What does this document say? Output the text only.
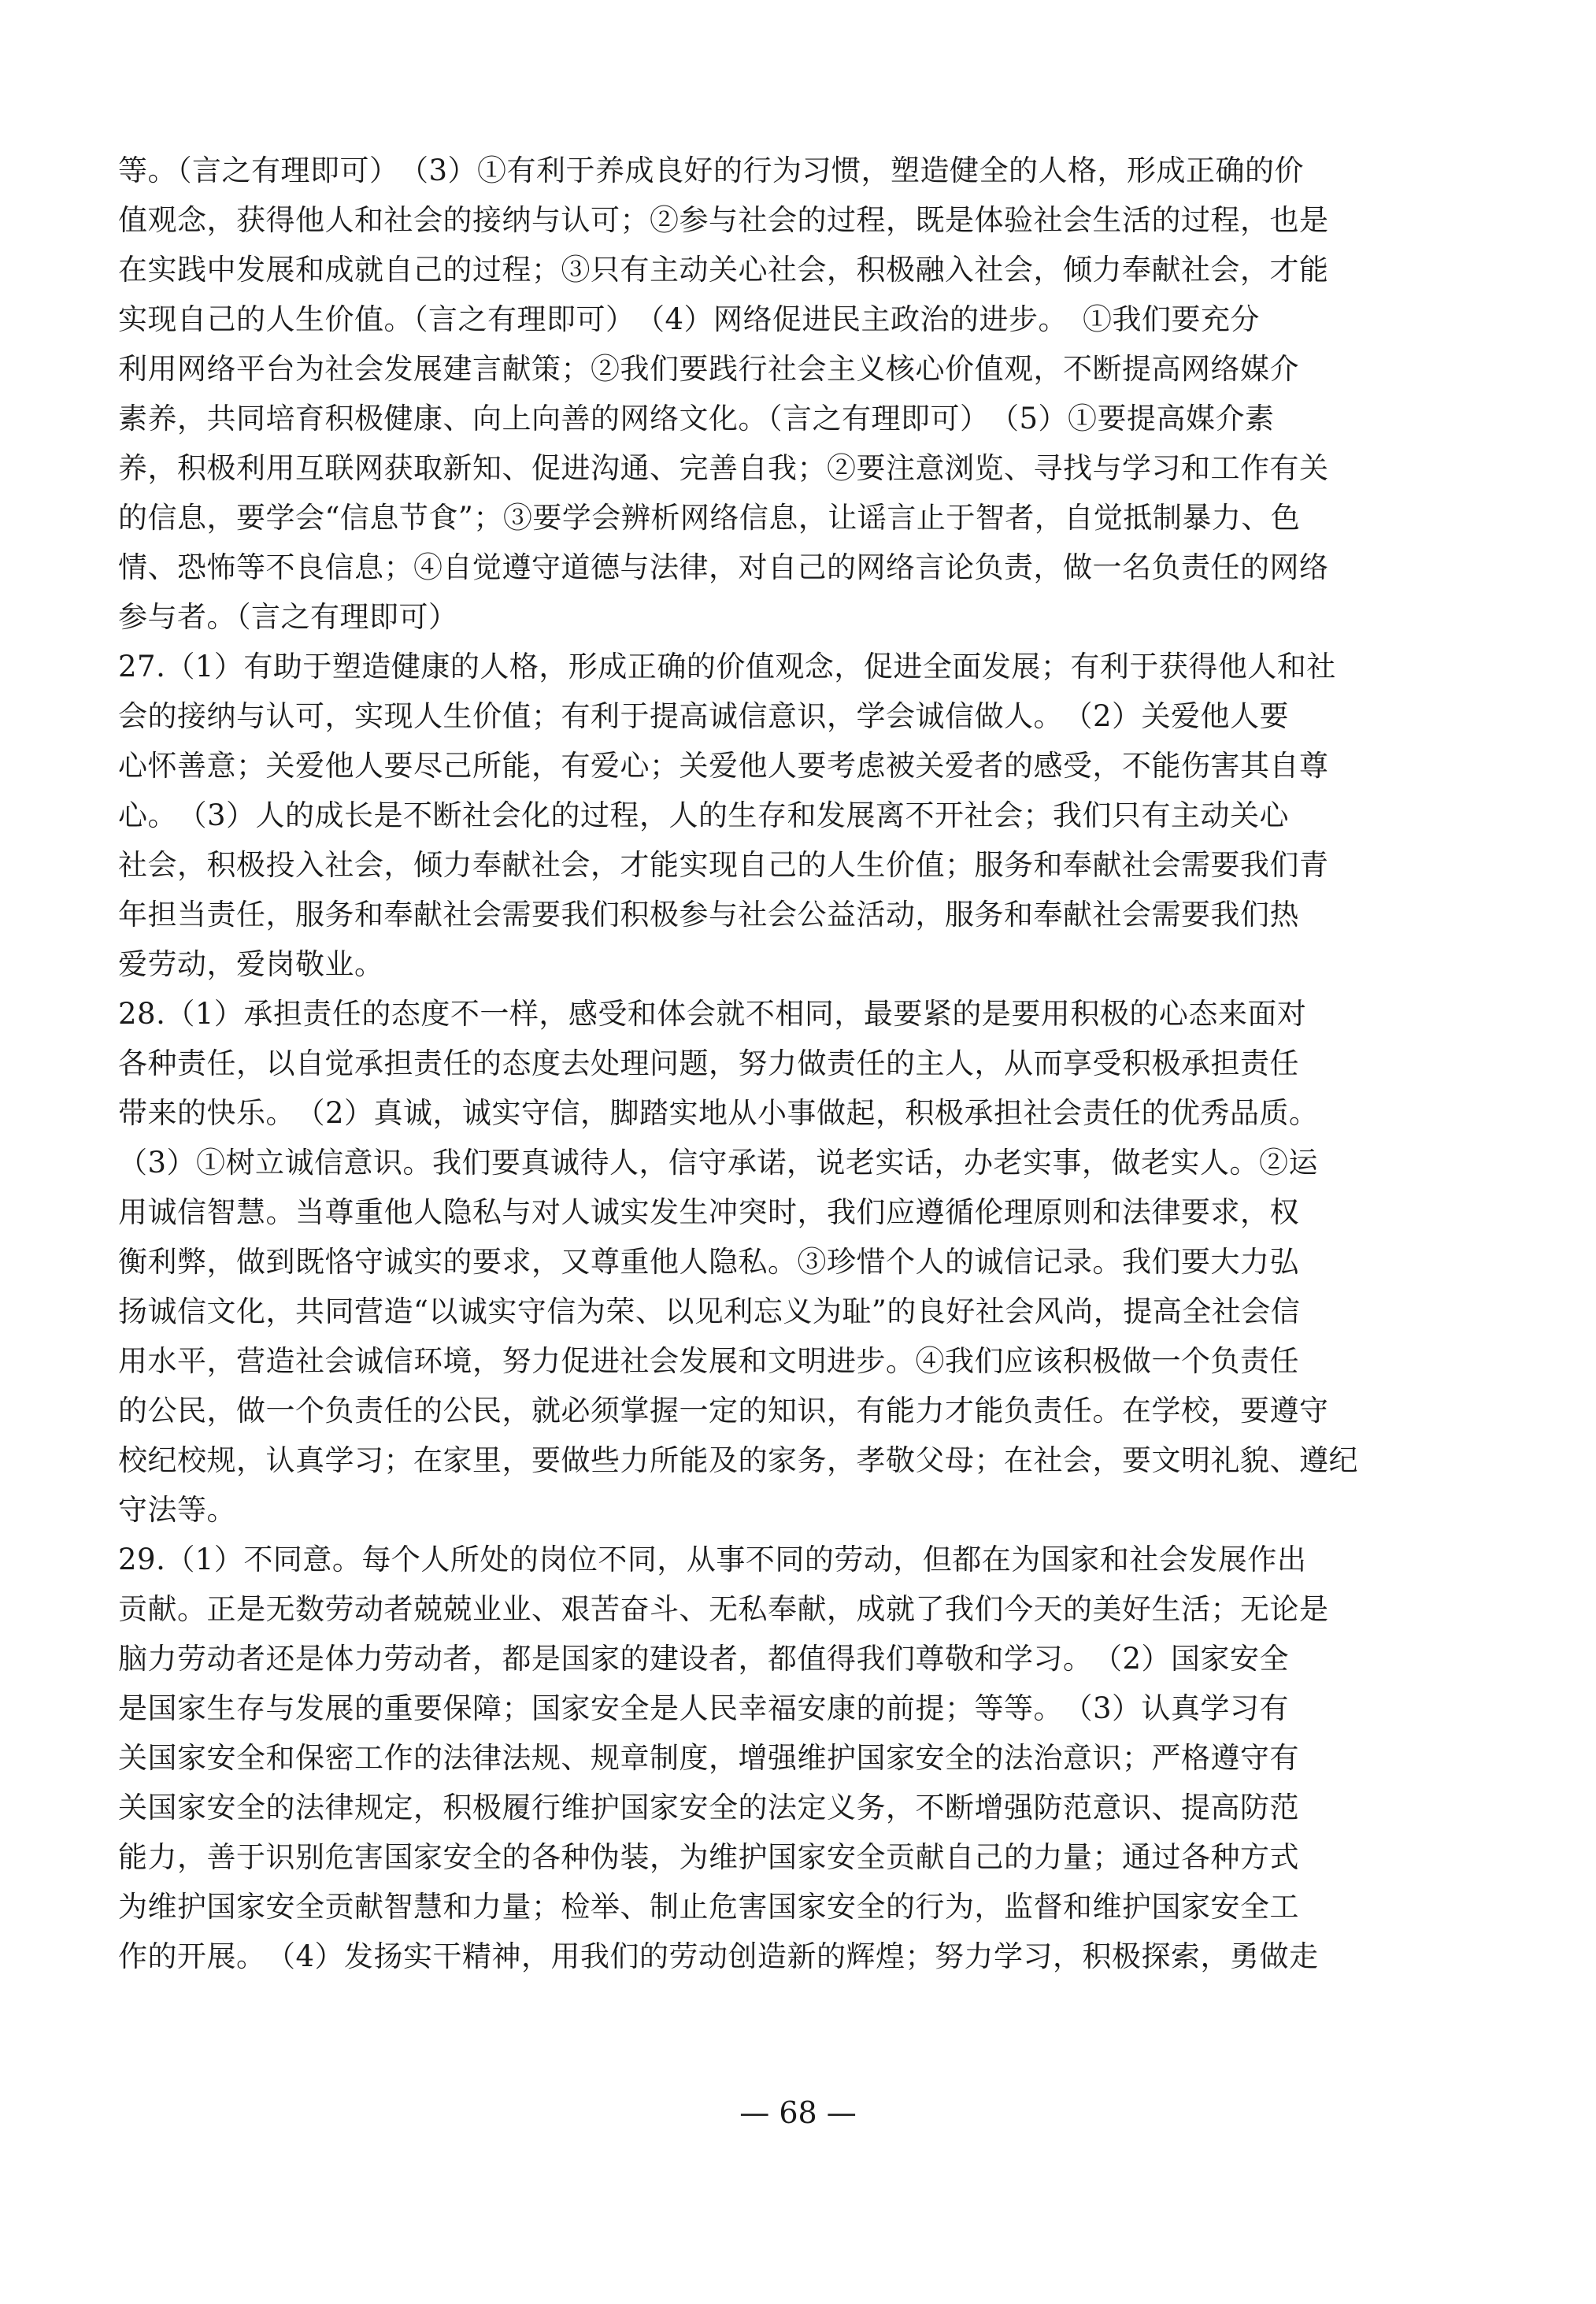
等。（言之有理即可）　（3）①有利于养成良好的行为习惯，塑造健全的人格，形成正确的价
值观念，获得他人和社会的接纳与认可；②参与社会的过程，既是体验社会生活的过程，也是
在实践中发展和成就自己的过程；③只有主动关心社会，积极融入社会，倾力奉献社会，才能
实现自己的人生价值。（言之有理即可）　（4）网络促进民主政治的进步。　①我们要充分
利用网络平台为社会发展建言献策；②我们要践行社会主义核心价值观，不断提高网络媒介
素养，共同培育积极健康、向上向善的网络文化。（言之有理即可）　（5）①要提高媒介素
养，积极利用互联网获取新知、促进沟通、完善自我；②要注意浏览、寻找与学习和工作有关
的信息，要学会“信息节食”；③要学会辨析网络信息，让谣言止于智者，自觉抵制暴力、色
情、恐怖等不良信息；④自觉遵守道德与法律，对自己的网络言论负责，做一名负责任的网络
参与者。（言之有理即可）
27.（1）有助于塑造健康的人格，形成正确的价值观念，促进全面发展；有利于获得他人和社
会的接纳与认可，实现人生价值；有利于提高诚信意识，学会诚信做人。　（2）关爱他人要
心怀善意；关爱他人要尽己所能，有爱心；关爱他人要考虑被关爱者的感受，不能伤害其自尊
心。　（3）人的成长是不断社会化的过程，人的生存和发展离不开社会；我们只有主动关心
社会，积极投入社会，倾力奉献社会，才能实现自己的人生价值；服务和奉献社会需要我们青
年担当责任，服务和奉献社会需要我们积极参与社会公益活动，服务和奉献社会需要我们热
爱劳动，爱岗敬业。
28.（1）承担责任的态度不一样，感受和体会就不相同，最要紧的是要用积极的心态来面对
各种责任，以自觉承担责任的态度去处理问题，努力做责任的主人，从而享受积极承担责任
带来的快乐。　（2）真诚，诚实守信，脚踏实地从小事做起，积极承担社会责任的优秀品质。
（3）①树立诚信意识。我们要真诚待人，信守承诺，说老实话，办老实事，做老实人。②运
用诚信智慧。当尊重他人隐私与对人诚实发生冲突时，我们应遵循伦理原则和法律要求，权
衡利弊，做到既恪守诚实的要求，又尊重他人隐私。③珍惜个人的诚信记录。我们要大力弘
扬诚信文化，共同营造“以诚实守信为荣、以见利忘义为耻”的良好社会风尚，提高全社会信
用水平，营造社会诚信环境，努力促进社会发展和文明进步。④我们应该积极做一个负责任
的公民，做一个负责任的公民，就必须掌握一定的知识，有能力才能负责任。在学校，要遵守
校纪校规，认真学习；在家里，要做些力所能及的家务，孝敬父母；在社会，要文明礼貌、遵纪
守法等。
29.（1）不同意。每个人所处的岗位不同，从事不同的劳动，但都在为国家和社会发展作出
贡献。正是无数劳动者兢兢业业、艰苦奋斗、无私奉献，成就了我们今天的美好生活；无论是
脑力劳动者还是体力劳动者，都是国家的建设者，都值得我们尊敬和学习。　（2）国家安全
是国家生存与发展的重要保障；国家安全是人民幸福安康的前提；等等。　（3）认真学习有
关国家安全和保密工作的法律法规、规章制度，增强维护国家安全的法治意识；严格遵守有
关国家安全的法律规定，积极履行维护国家安全的法定义务，不断增强防范意识、提高防范
能力，善于识别危害国家安全的各种伪装，为维护国家安全贡献自己的力量；通过各种方式
为维护国家安全贡献智慧和力量；检举、制止危害国家安全的行为，监督和维护国家安全工
作的开展。　（4）发扬实干精神，用我们的劳动创造新的辉煌；努力学习，积极探索，勇做走
— 68 —
